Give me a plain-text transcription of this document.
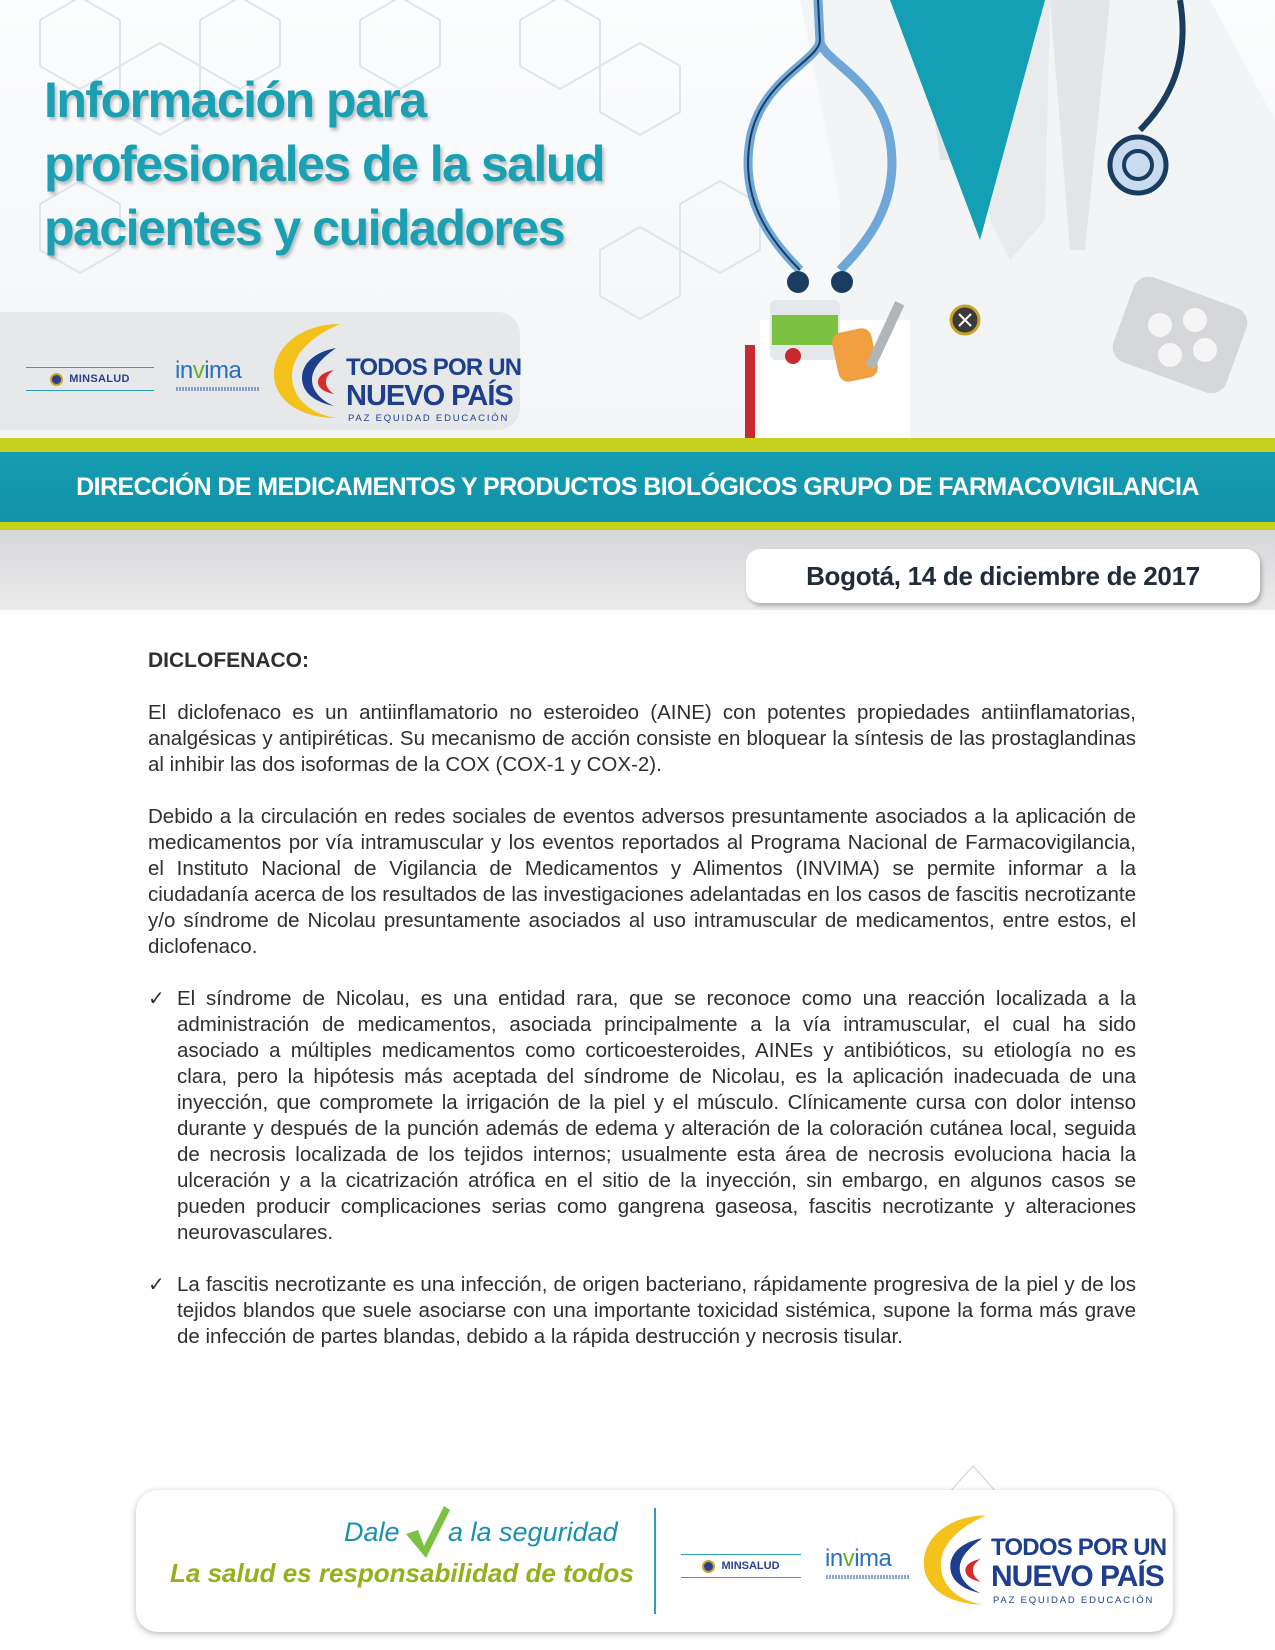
Información para
profesionales de la salud
pacientes y cuidadores
MINSALUD invima	TODOS POR UN
NUEVO PAÍS
PAZ EQUIDAD EDUCACIÓN
DIRECCIÓN DE MEDICAMENTOS Y PRODUCTOS BIOLÓGICOS GRUPO DE FARMACOVIGILANCIA
Bogotá, 14 de diciembre de 2017
DICLOFENACO:

El diclofenaco es un antiinflamatorio no esteroideo (AINE) con potentes propiedades antiinflamatorias, analgésicas y antipiréticas. Su mecanismo de acción consiste en bloquear la síntesis de las prostaglandinas al inhibir las dos isoformas de la COX (COX-1 y COX-2).

Debido a la circulación en redes sociales de eventos adversos presuntamente asociados a la aplicación de medicamentos por vía intramuscular y los eventos reportados al Programa Nacional de Farmacovigilancia, el Instituto Nacional de Vigilancia de Medicamentos y Alimentos (INVIMA) se permite informar a la ciudadanía acerca de los resultados de las investigaciones adelantadas en los casos de fascitis necrotizante y/o síndrome de Nicolau presuntamente asociados al uso intramuscular de medicamentos, entre estos, el diclofenaco.

✓ El síndrome de Nicolau, es una entidad rara, que se reconoce como una reacción localizada a la administración de medicamentos, asociada principalmente a la vía intramuscular, el cual ha sido asociado a múltiples medicamentos como corticoesteroides, AINEs y antibióticos, su etiología no es clara, pero la hipótesis más aceptada del síndrome de Nicolau, es la aplicación inadecuada de una inyección, que compromete la irrigación de la piel y el músculo. Clínicamente cursa con dolor intenso durante y después de la punción además de edema y alteración de la coloración cutánea local, seguida de necrosis localizada de los tejidos internos; usualmente esta área de necrosis evoluciona hacia la ulceración y a la cicatrización atrófica en el sitio de la inyección, sin embargo, en algunos casos se pueden producir complicaciones serias como gangrena gaseosa, fascitis necrotizante y alteraciones neurovasculares.
✓ La fascitis necrotizante es una infección, de origen bacteriano, rápidamente progresiva de la piel y de los tejidos blandos que suele asociarse con una importante toxicidad sistémica, supone la forma más grave de infección de partes blandas, debido a la rápida destrucción y necrosis tisular.
Dale a la seguridad
La salud es responsabilidad de todos	MINSALUD invima	TODOS POR UN
NUEVO PAÍS
PAZ EQUIDAD EDUCACIÓN
